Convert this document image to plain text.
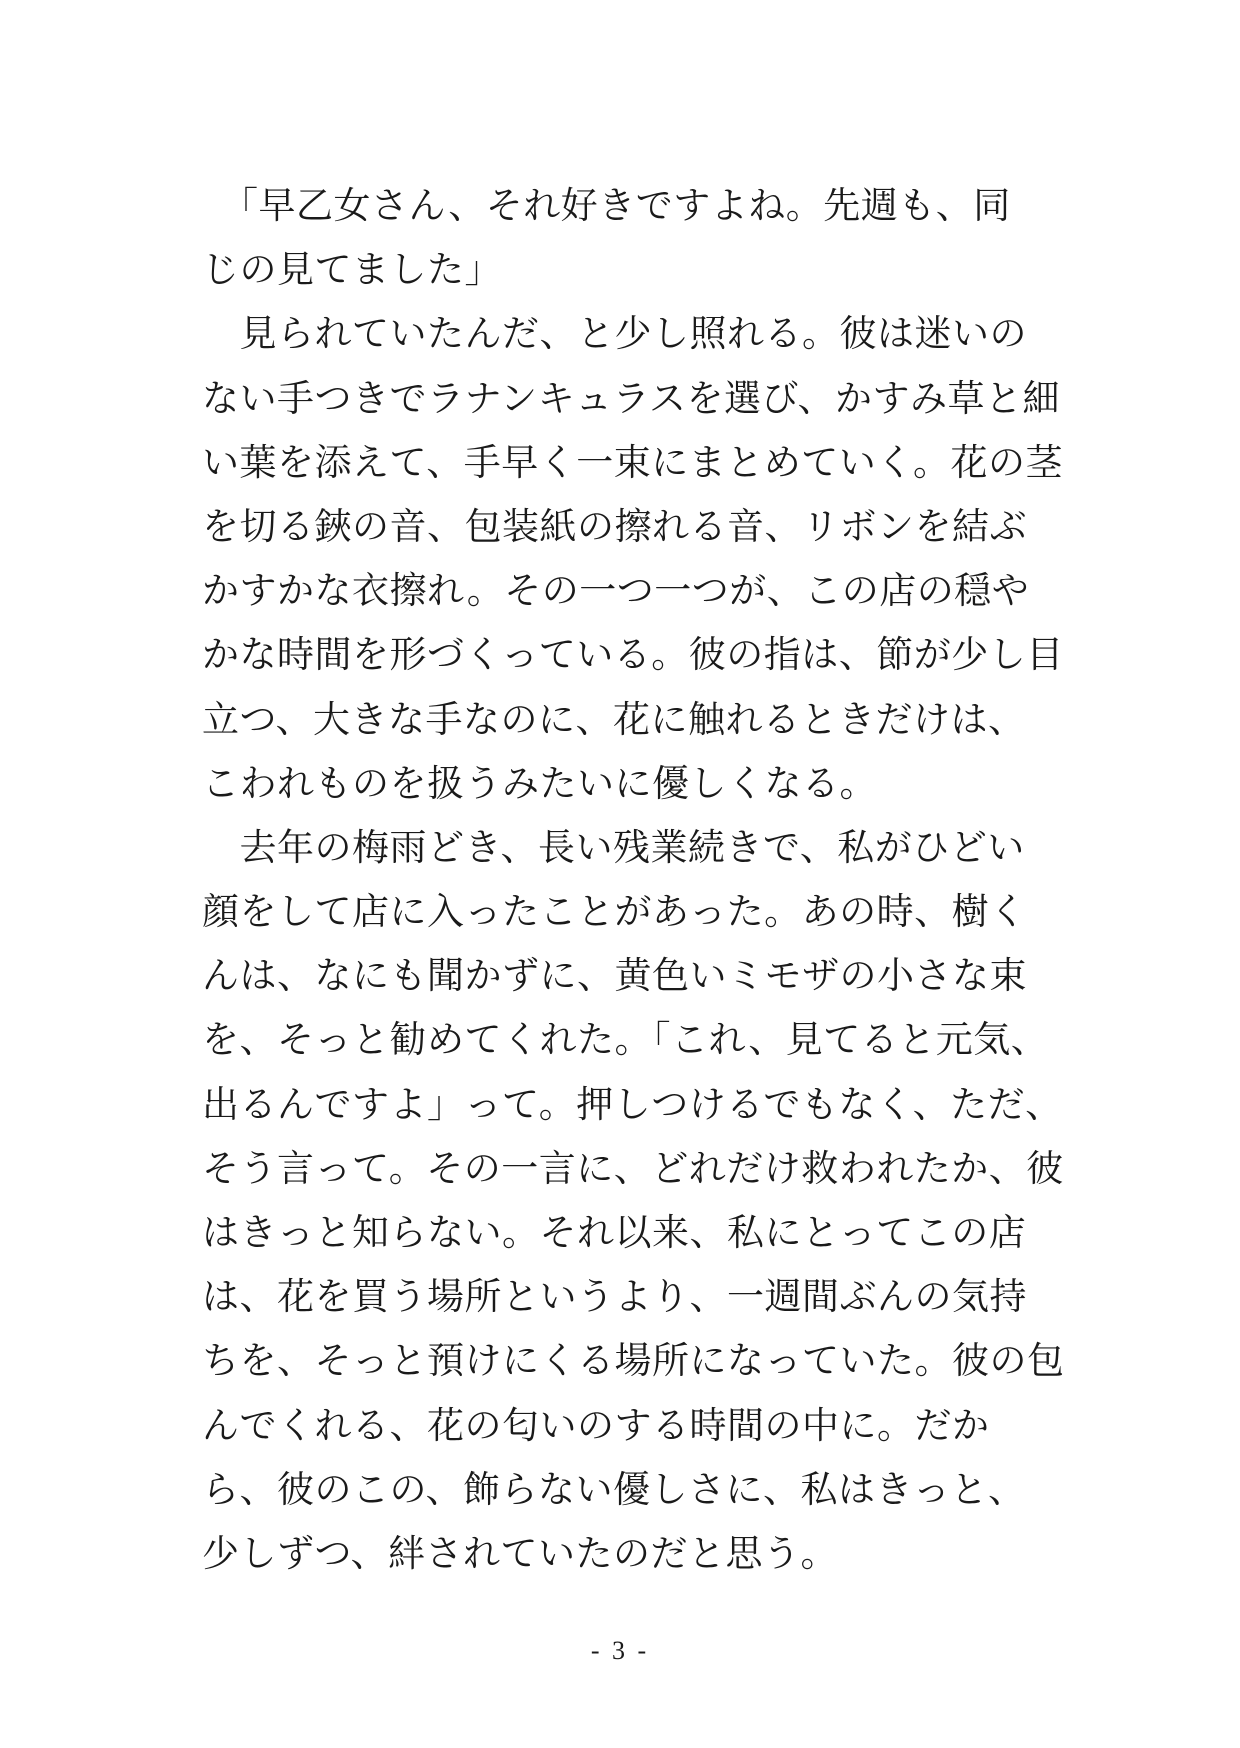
　「早乙女さん、それ好きですよね。先週も、同
じの見てました」
　見られていたんだ、と少し照れる。彼は迷いの
ない手つきでラナンキュラスを選び、かすみ草と細
い葉を添えて、手早く一束にまとめていく。花の茎
を切る鋏の音、包装紙の擦れる音、リボンを結ぶ
かすかな衣擦れ。その一つ一つが、この店の穏や
かな時間を形づくっている。彼の指は、節が少し目
立つ、大きな手なのに、花に触れるときだけは、
こわれものを扱うみたいに優しくなる。
　去年の梅雨どき、長い残業続きで、私がひどい
顔をして店に入ったことがあった。あの時、樹く
んは、なにも聞かずに、黄色いミモザの小さな束
を、そっと勧めてくれた。「これ、見てると元気、
出るんですよ」って。押しつけるでもなく、ただ、
そう言って。その一言に、どれだけ救われたか、彼
はきっと知らない。それ以来、私にとってこの店
は、花を買う場所というより、一週間ぶんの気持
ちを、そっと預けにくる場所になっていた。彼の包
んでくれる、花の匂いのする時間の中に。だか
ら、彼のこの、飾らない優しさに、私はきっと、
少しずつ、絆されていたのだと思う。
- 3 -
